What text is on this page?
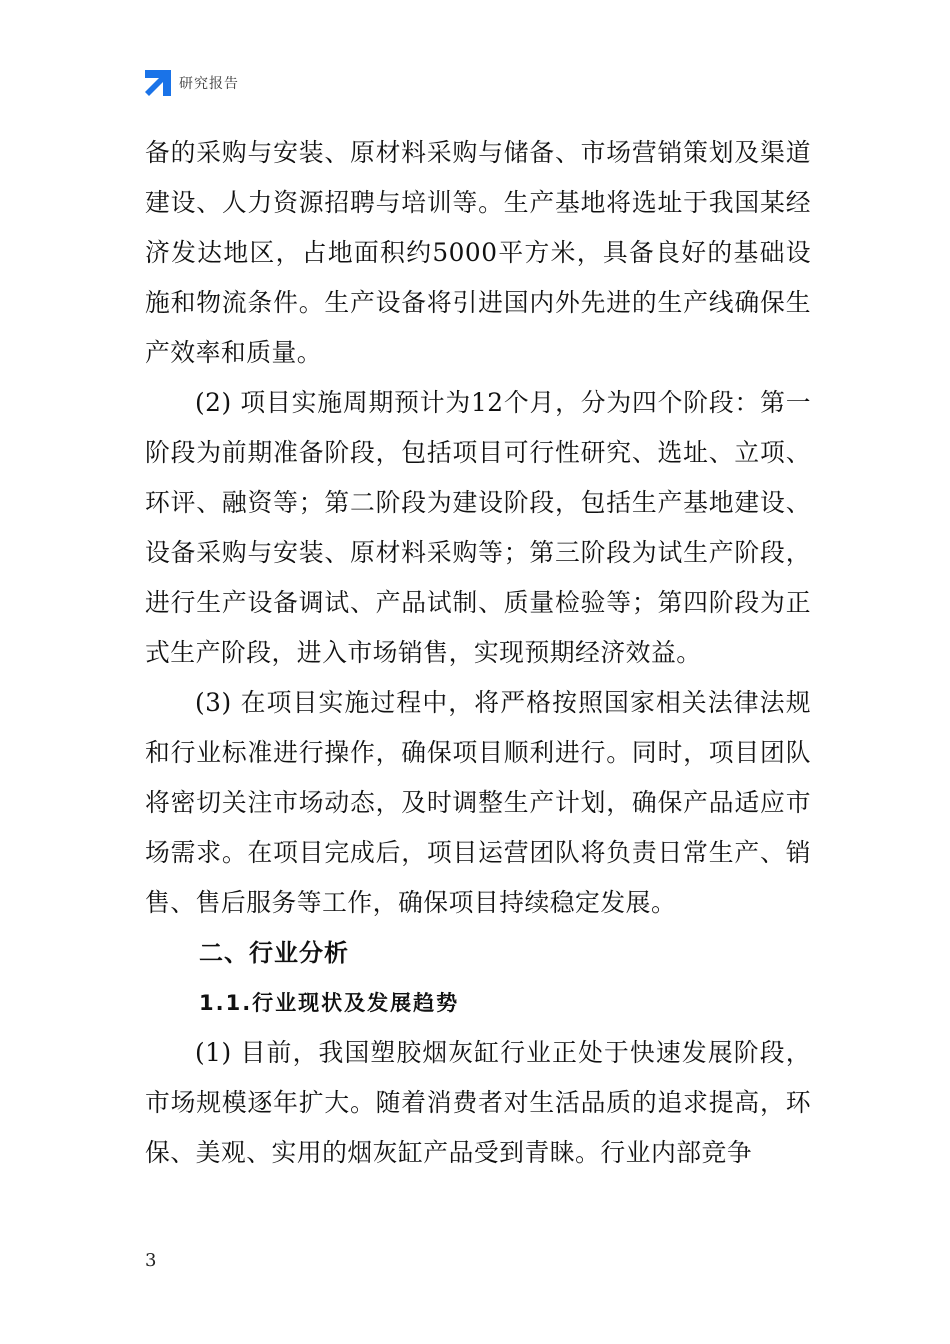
研究报告

备的采购与安装、原材料采购与储备、市场营销策划及渠道建设、人力资源招聘与培训等。生产基地将选址于我国某经济发达地区，占地面积约5000平方米，具备良好的基础设施和物流条件。生产设备将引进国内外先进的生产线确保生产效率和质量。

(2) 项目实施周期预计为12个月，分为四个阶段：第一阶段为前期准备阶段，包括项目可行性研究、选址、立项、环评、融资等；第二阶段为建设阶段，包括生产基地建设、设备采购与安装、原材料采购等；第三阶段为试生产阶段，进行生产设备调试、产品试制、质量检验等；第四阶段为正式生产阶段，进入市场销售，实现预期经济效益。

(3) 在项目实施过程中，将严格按照国家相关法律法规和行业标准进行操作，确保项目顺利进行。同时，项目团队将密切关注市场动态，及时调整生产计划，确保产品适应市场需求。在项目完成后，项目运营团队将负责日常生产、销售、售后服务等工作，确保项目持续稳定发展。

二、行业分析
1.1.行业现状及发展趋势

(1) 目前，我国塑胶烟灰缸行业正处于快速发展阶段，市场规模逐年扩大。随着消费者对生活品质的追求提高，环保、美观、实用的烟灰缸产品受到青睐。行业内部竞争

3
